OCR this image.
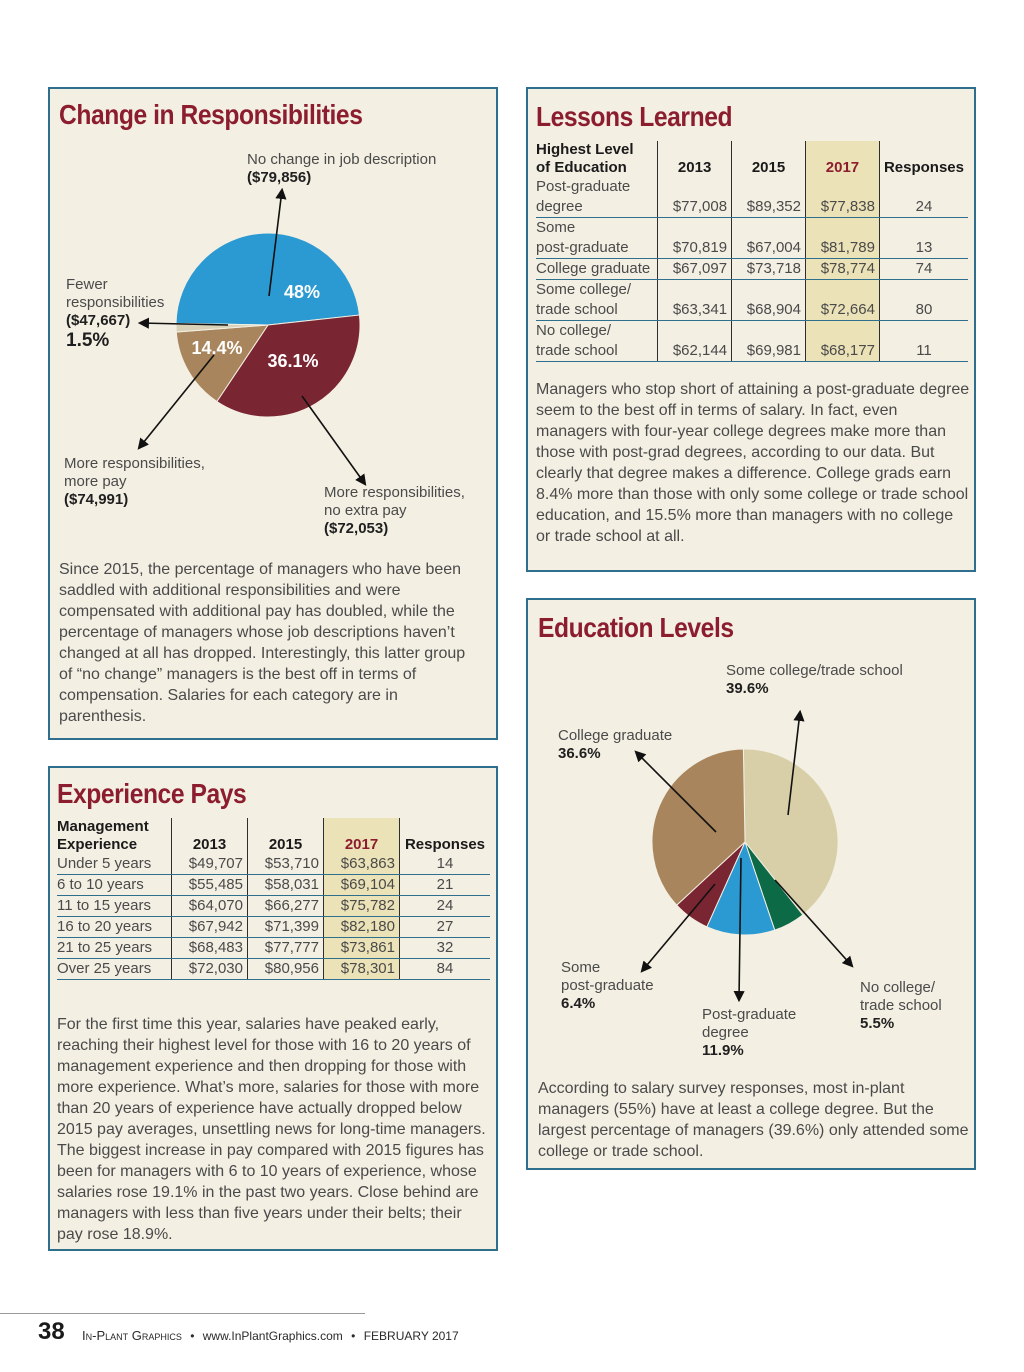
Change in Responsibilities
No change in job description
($79,856)
Fewer
responsibilities
($47,667)
1.5%
More responsibilities,
more pay
($74,991)	More responsibilities,
no extra pay
($72,053)

Since 2015, the percentage of managers who have been saddled with additional responsibilities and were compensated with additional pay has doubled, while the percentage of managers whose job descriptions haven’t changed at all has dropped. Interestingly, this latter group of “no change” managers is the best off in terms of compensation. Salaries for each category are in parenthesis.

48%
36.1%
14.4%
Lessons Learned
Highest Level
of Education	2013	2015	2017	Responses

Post-graduate
degree	$77,008	$89,352	$77,838	24

Some
post-graduate	$70,819	$67,004	$81,789	13

College graduate	$67,097	$73,718	$78,774	74

Some college/
trade school	$63,341	$68,904	$72,664	80

No college/
trade school	$62,144	$69,981	$68,177	11

Managers who stop short of attaining a post-graduate degree seem to the best off in terms of salary. In fact, even managers with four-year college degrees make more than those with post-grad degrees, according to our data. But clearly that degree makes a difference. College grads earn 8.4% more than those with only some college or trade school education, and 15.5% more than managers with no college or trade school at all.

Experience Pays
Management
Experience	2013	2015	2017	Responses
Under 5 years	$49,707	$53,710	$63,863	14
6 to 10 years	$55,485	$58,031	$69,104	21
11 to 15 years	$64,070	$66,277	$75,782	24
16 to 20 years	$67,942	$71,399	$82,180	27
21 to 25 years	$68,483	$77,777	$73,861	32
Over 25 years	$72,030	$80,956	$78,301	84

For the first time this year, salaries have peaked early, reaching their highest level for those with 16 to 20 years of management experience and then dropping for those with more experience. What’s more, salaries for those with more than 20 years of experience have actually dropped below 2015 pay averages, unsettling news for long-time managers. The biggest increase in pay compared with 2015 figures has been for managers with 6 to 10 years of experience, whose salaries rose 19.1% in the past two years. Close behind are managers with less than five years under their belts; their pay rose 18.9%.

Education Levels
Some college/trade school
39.6%
College graduate
36.6%
Some
post-graduate
6.4%
Post-graduate
degree
11.9%
No college/
trade school
5.5%

According to salary survey responses, most in-plant managers (55%) have at least a college degree. But the largest percentage of managers (39.6%) only attended some college or trade school.

38 In-Plant Graphics • www.InPlantGraphics.com • FEBRUARY 2017
